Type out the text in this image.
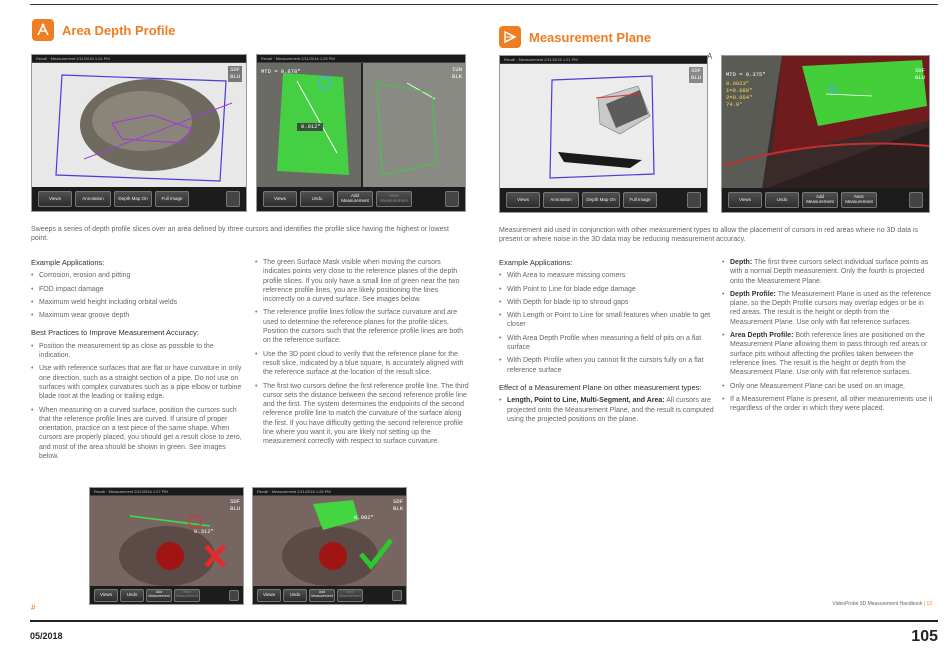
Area Depth Profile
Recall · Measurement 2/11/2016 1:24 PM
SDF
BLU
Views	Annotation	Depth Map On	Full Image
Recall · Measurement 2/11/2016 1:25 PM
MTD = 0.878"
0.012"
IUN
BLK
Views	Undo	Add
Measurement
Next
Measurement
Sweeps a series of depth profile slices over an area defined by three cursors and identifies the profile slice having the highest or lowest point.
Example Applications:
• Corrosion, erosion and pitting
• FOD impact damage
• Maximum weld height including orbital welds
• Maximum wear groove depth
Best Practices to Improve Measurement Accuracy:
• Position the measurement tip as close as possible to the indication.
• Use with reference surfaces that are flat or have curvature in only one direction, such as a straight section of a pipe. Do not use on surfaces with complex curvatures such as a pipe elbow or turbine blade root at the leading or trailing edge.
• When measuring on a curved surface, position the cursors such that the reference profile lines are curved. If unsure of proper orientation, practice on a test piece of the same shape. When cursors are properly placed, you should get a result close to zero, and most of the area should be shown in green. See images below.
• The green Surface Mask visible when moving the cursors indicates points very close to the reference planes of the depth profile slices. If you only have a small line of green near the two reference profile lines, you are likely positioning the lines incorrectly on a curved surface. See images below.
• The reference profile lines follow the surface curvature and are used to determine the reference planes for the profile slices. Position the cursors such that the reference profile lines are both on the reference surface.
• Use the 3D point cloud to verify that the reference plane for the result slice, indicated by a blue square, is accurately aligned with the reference surface at the location of the result slice.
• The first two cursors define the first reference profile line. The third cursor sets the distance between the second reference profile line and the first. The system determines the endpoints of the second reference profile line to match the curvature of the surface along the first. If you have difficulty getting the second reference profile line where you want it, you are likely not setting up the measurement correctly with respect to surface curvature.
Recall · Measurement 2/11/2016 1:27 PM
0.312"
SDF
BLU
Views	Undo	Add
Measurement
Next
Measurement
Recall · Measurement 2/11/2016 1:28 PM
0.002"
SDF
BLK
Views	Undo	Add
Measurement
Next
Measurement
#
Measurement Plane
Recall · Measurement 2/11/2016 1:21 PM
SDF
BLU
Views	Annotation	Depth Map On	Full Image
A
MTD = 0.375"
0.0023"
1=0.089"
2=0.054"
74.9°
SDF
BLU
Views	Undo	Add
Measurement
Next
Measurement
Measurement aid used in conjunction with other measurement types to allow the placement of cursors in red areas where no 3D data is present or where noise in the 3D data may be reducing measurement accuracy.
Example Applications:
• With Area to measure missing corners
• With Point to Line for blade edge damage
• With Depth for blade tip to shroud gaps
• With Length or Point to Line for small features when unable to get closer
• With Area Depth Profile when measuring a field of pits on a flat surface
• With Depth Profile when you cannot fit the cursors fully on a flat reference surface
Effect of a Measurement Plane on other measurement types:
• Length, Point to Line, Multi-Segment, and Area: All cursors are projected onto the Measurement Plane, and the result is computed using the projected positions on the plane.
• Depth: The first three cursors select individual surface points as with a normal Depth measurement. Only the fourth is projected onto the Measurement Plane.
• Depth Profile: The Measurement Plane is used as the reference plane, so the Depth Profile cursors may overlap edges or be in red areas. The result is the height or depth from the Measurement Plane. Use only with flat reference surfaces.
• Area Depth Profile: Both reference lines are positioned on the Measurement Plane allowing them to pass through red areas or surface pits without affecting the profiles taken between the reference lines. The result is the height or depth from the Measurement Plane. Use only with flat reference surfaces.
• Only one Measurement Plane can be used on an image.
• If a Measurement Plane is present, all other measurements use it regardless of the order in which they were placed.
VideoProbe 3D Measurement Handbook | 13
05/2018	105
